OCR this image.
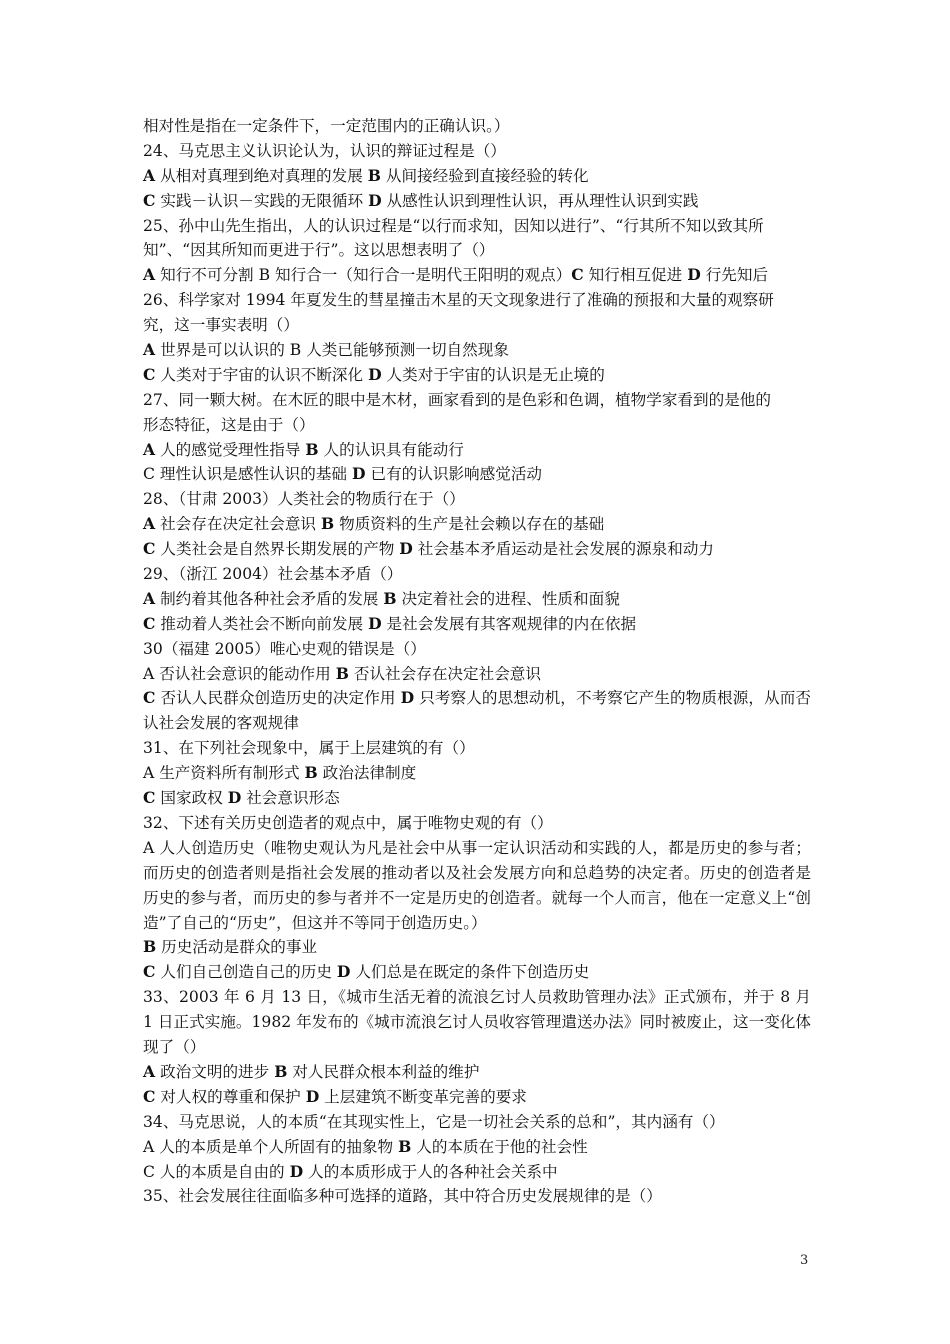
相对性是指在一定条件下，一定范围内的正确认识。）
24、马克思主义认识论认为，认识的辩证过程是（）
A 从相对真理到绝对真理的发展 B 从间接经验到直接经验的转化
C 实践－认识－实践的无限循环 D 从感性认识到理性认识，再从理性认识到实践
25、孙中山先生指出，人的认识过程是“以行而求知，因知以进行”、“行其所不知以致其所
知”、“因其所知而更进于行”。这以思想表明了（）
A 知行不可分割 B 知行合一（知行合一是明代王阳明的观点）C 知行相互促进 D 行先知后
26、科学家对 1994 年夏发生的彗星撞击木星的天文现象进行了准确的预报和大量的观察研
究，这一事实表明（）
A 世界是可以认识的 B 人类已能够预测一切自然现象
C 人类对于宇宙的认识不断深化 D 人类对于宇宙的认识是无止境的
27、同一颗大树。在木匠的眼中是木材，画家看到的是色彩和色调，植物学家看到的是他的
形态特征，这是由于（）
A 人的感觉受理性指导 B 人的认识具有能动行
C 理性认识是感性认识的基础 D 已有的认识影响感觉活动
28、（甘肃 2003）人类社会的物质行在于（）
A 社会存在决定社会意识 B 物质资料的生产是社会赖以存在的基础
C 人类社会是自然界长期发展的产物 D 社会基本矛盾运动是社会发展的源泉和动力
29、（浙江 2004）社会基本矛盾（）
A 制约着其他各种社会矛盾的发展 B 决定着社会的进程、性质和面貌
C 推动着人类社会不断向前发展 D 是社会发展有其客观规律的内在依据
30（福建 2005）唯心史观的错误是（）
A 否认社会意识的能动作用 B 否认社会存在决定社会意识
C 否认人民群众创造历史的决定作用 D 只考察人的思想动机，不考察它产生的物质根源，从而否认社会发展的客观规律
31、在下列社会现象中，属于上层建筑的有（）
A 生产资料所有制形式 B 政治法律制度
C 国家政权 D 社会意识形态
32、下述有关历史创造者的观点中，属于唯物史观的有（）
A 人人创造历史（唯物史观认为凡是社会中从事一定认识活动和实践的人，都是历史的参与者；而历史的创造者则是指社会发展的推动者以及社会发展方向和总趋势的决定者。历史的创造者是历史的参与者，而历史的参与者并不一定是历史的创造者。就每一个人而言，他在一定意义上“创造”了自己的“历史”，但这并不等同于创造历史。）
B 历史活动是群众的事业
C 人们自己创造自己的历史 D 人们总是在既定的条件下创造历史
33、2003 年 6 月 13 日，《城市生活无着的流浪乞讨人员救助管理办法》正式颁布，并于 8 月 1 日正式实施。1982 年发布的《城市流浪乞讨人员收容管理遣送办法》同时被废止，这一变化体现了（）
A 政治文明的进步 B 对人民群众根本利益的维护
C 对人权的尊重和保护 D 上层建筑不断变革完善的要求
34、马克思说，人的本质“在其现实性上，它是一切社会关系的总和”，其内涵有（）
A 人的本质是单个人所固有的抽象物 B 人的本质在于他的社会性
C 人的本质是自由的 D 人的本质形成于人的各种社会关系中
35、社会发展往往面临多种可选择的道路，其中符合历史发展规律的是（）
3
